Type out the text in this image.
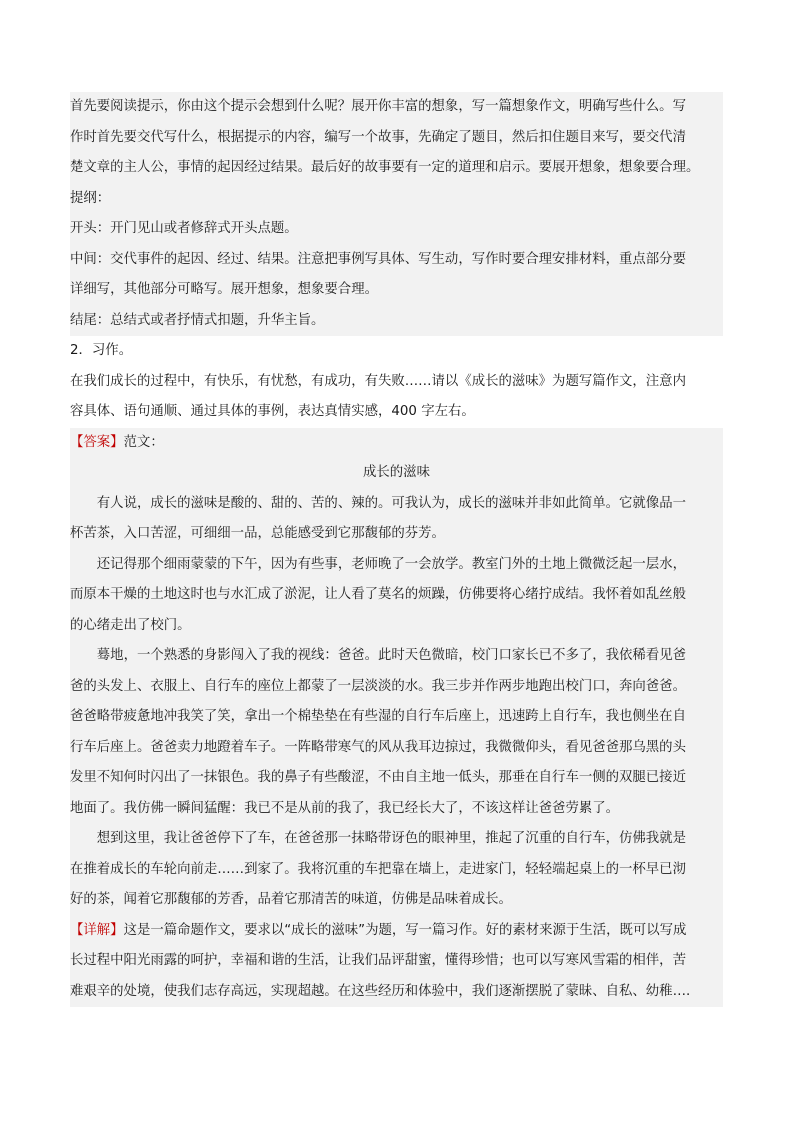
首先要阅读提示，你由这个提示会想到什么呢？展开你丰富的想象，写一篇想象作文，明确写些什么。写
作时首先要交代写什么，根据提示的内容，编写一个故事，先确定了题目，然后扣住题目来写，要交代清
楚文章的主人公，事情的起因经过结果。最后好的故事要有一定的道理和启示。要展开想象，想象要合理。
提纲：
开头：开门见山或者修辞式开头点题。
中间：交代事件的起因、经过、结果。注意把事例写具体、写生动，写作时要合理安排材料，重点部分要
详细写，其他部分可略写。展开想象，想象要合理。
结尾：总结式或者抒情式扣题，升华主旨。
2．习作。
在我们成长的过程中，有快乐，有忧愁，有成功，有失败……请以《成长的滋味》为题写篇作文，注意内
容具体、语句通顺、通过具体的事例，表达真情实感，400 字左右。
【答案】范文：
成长的滋味
有人说，成长的滋味是酸的、甜的、苦的、辣的。可我认为，成长的滋味并非如此简单。它就像品一
杯苦茶，入口苦涩，可细细一品，总能感受到它那馥郁的芬芳。
还记得那个细雨蒙蒙的下午，因为有些事，老师晚了一会放学。教室门外的土地上微微泛起一层水，
而原本干燥的土地这时也与水汇成了淤泥，让人看了莫名的烦躁，仿佛要将心绪拧成结。我怀着如乱丝般
的心绪走出了校门。
蓦地，一个熟悉的身影闯入了我的视线：爸爸。此时天色微暗，校门口家长已不多了，我依稀看见爸
爸的头发上、衣服上、自行车的座位上都蒙了一层淡淡的水。我三步并作两步地跑出校门口，奔向爸爸。
爸爸略带疲惫地冲我笑了笑，拿出一个棉垫垫在有些湿的自行车后座上，迅速跨上自行车，我也侧坐在自
行车后座上。爸爸卖力地蹬着车子。一阵略带寒气的风从我耳边掠过，我微微仰头，看见爸爸那乌黑的头
发里不知何时闪出了一抹银色。我的鼻子有些酸涩，不由自主地一低头，那垂在自行车一侧的双腿已接近
地面了。我仿佛一瞬间猛醒：我已不是从前的我了，我已经长大了，不该这样让爸爸劳累了。
想到这里，我让爸爸停下了车，在爸爸那一抹略带讶色的眼神里，推起了沉重的自行车，仿佛我就是
在推着成长的车轮向前走……到家了。我将沉重的车把靠在墙上，走进家门，轻轻端起桌上的一杯早已沏
好的茶，闻着它那馥郁的芳香，品着它那清苦的味道，仿佛是品味着成长。
【详解】这是一篇命题作文，要求以“成长的滋味”为题，写一篇习作。好的素材来源于生活，既可以写成
长过程中阳光雨露的呵护，幸福和谐的生活，让我们品评甜蜜，懂得珍惜；也可以写寒风雪霜的相伴，苦
难艰辛的处境，使我们志存高远，实现超越。在这些经历和体验中，我们逐渐摆脱了蒙昧、自私、幼稚….
